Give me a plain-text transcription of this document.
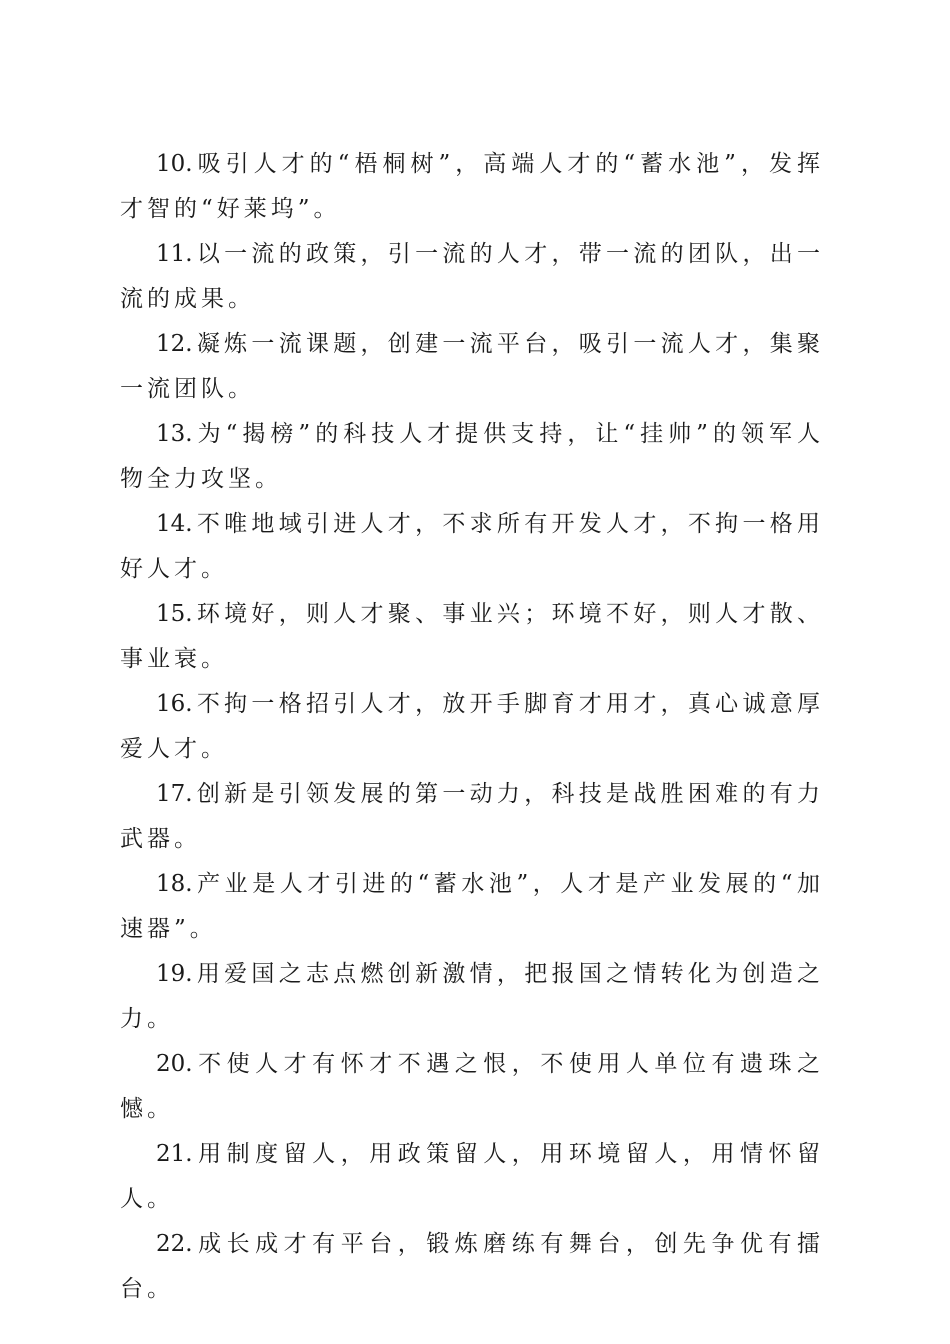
10. 吸引人才的“梧桐树”，高端人才的“蓄水池”，发挥才智的“好莱坞”。

11. 以一流的政策，引一流的人才，带一流的团队，出一流的成果。

12. 凝炼一流课题，创建一流平台，吸引一流人才，集聚一流团队。

13. 为“揭榜”的科技人才提供支持，让“挂帅”的领军人物全力攻坚。

14. 不唯地域引进人才，不求所有开发人才，不拘一格用好人才。

15. 环境好，则人才聚、事业兴；环境不好，则人才散、事业衰。

16. 不拘一格招引人才，放开手脚育才用才，真心诚意厚爱人才。

17. 创新是引领发展的第一动力，科技是战胜困难的有力武器。

18. 产业是人才引进的“蓄水池”，人才是产业发展的“加速器”。

19. 用爱国之志点燃创新激情，把报国之情转化为创造之力。

20. 不使人才有怀才不遇之恨，不使用人单位有遗珠之憾。

21. 用制度留人，用政策留人，用环境留人，用情怀留人。

22. 成长成才有平台，锻炼磨练有舞台，创先争优有擂台。
